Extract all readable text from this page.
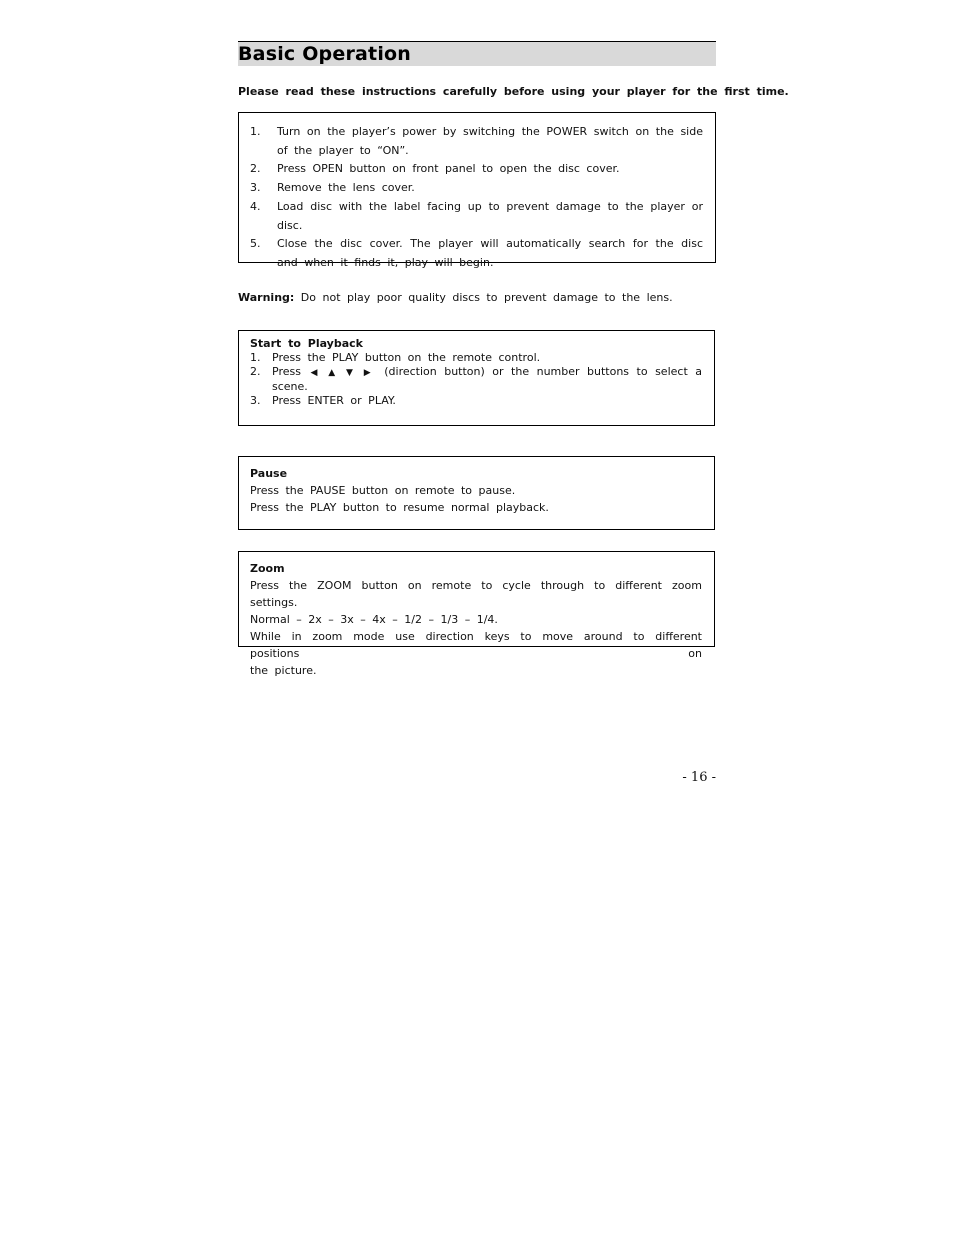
Basic Operation
Please read these instructions carefully before using your player for the first time.
1.	Turn on the player’s power by switching the POWER switch on the side of the player to “ON”.
2.	Press OPEN button on front panel to open the disc cover.
3.	Remove the lens cover.
4.	Load disc with the label facing up to prevent damage to the player or disc.
5.	Close the disc cover. The player will automatically search for the disc and when it finds it, play will begin.
Warning: Do not play poor quality discs to prevent damage to the lens.
Start to Playback
1.	Press the PLAY button on the remote control.
2.	Press ◀ ▲ ▼ ▶ (direction button) or the number buttons to select a scene.
3.	Press ENTER or PLAY.
Pause
Press the PAUSE button on remote to pause.
Press the PLAY button to resume normal playback.
Zoom
Press the ZOOM button on remote to cycle through to different zoom settings.
Normal – 2x – 3x – 4x – 1/2 – 1/3 – 1/4.
While in zoom mode use direction keys to move around to different positions on
the picture.
- 16 -
